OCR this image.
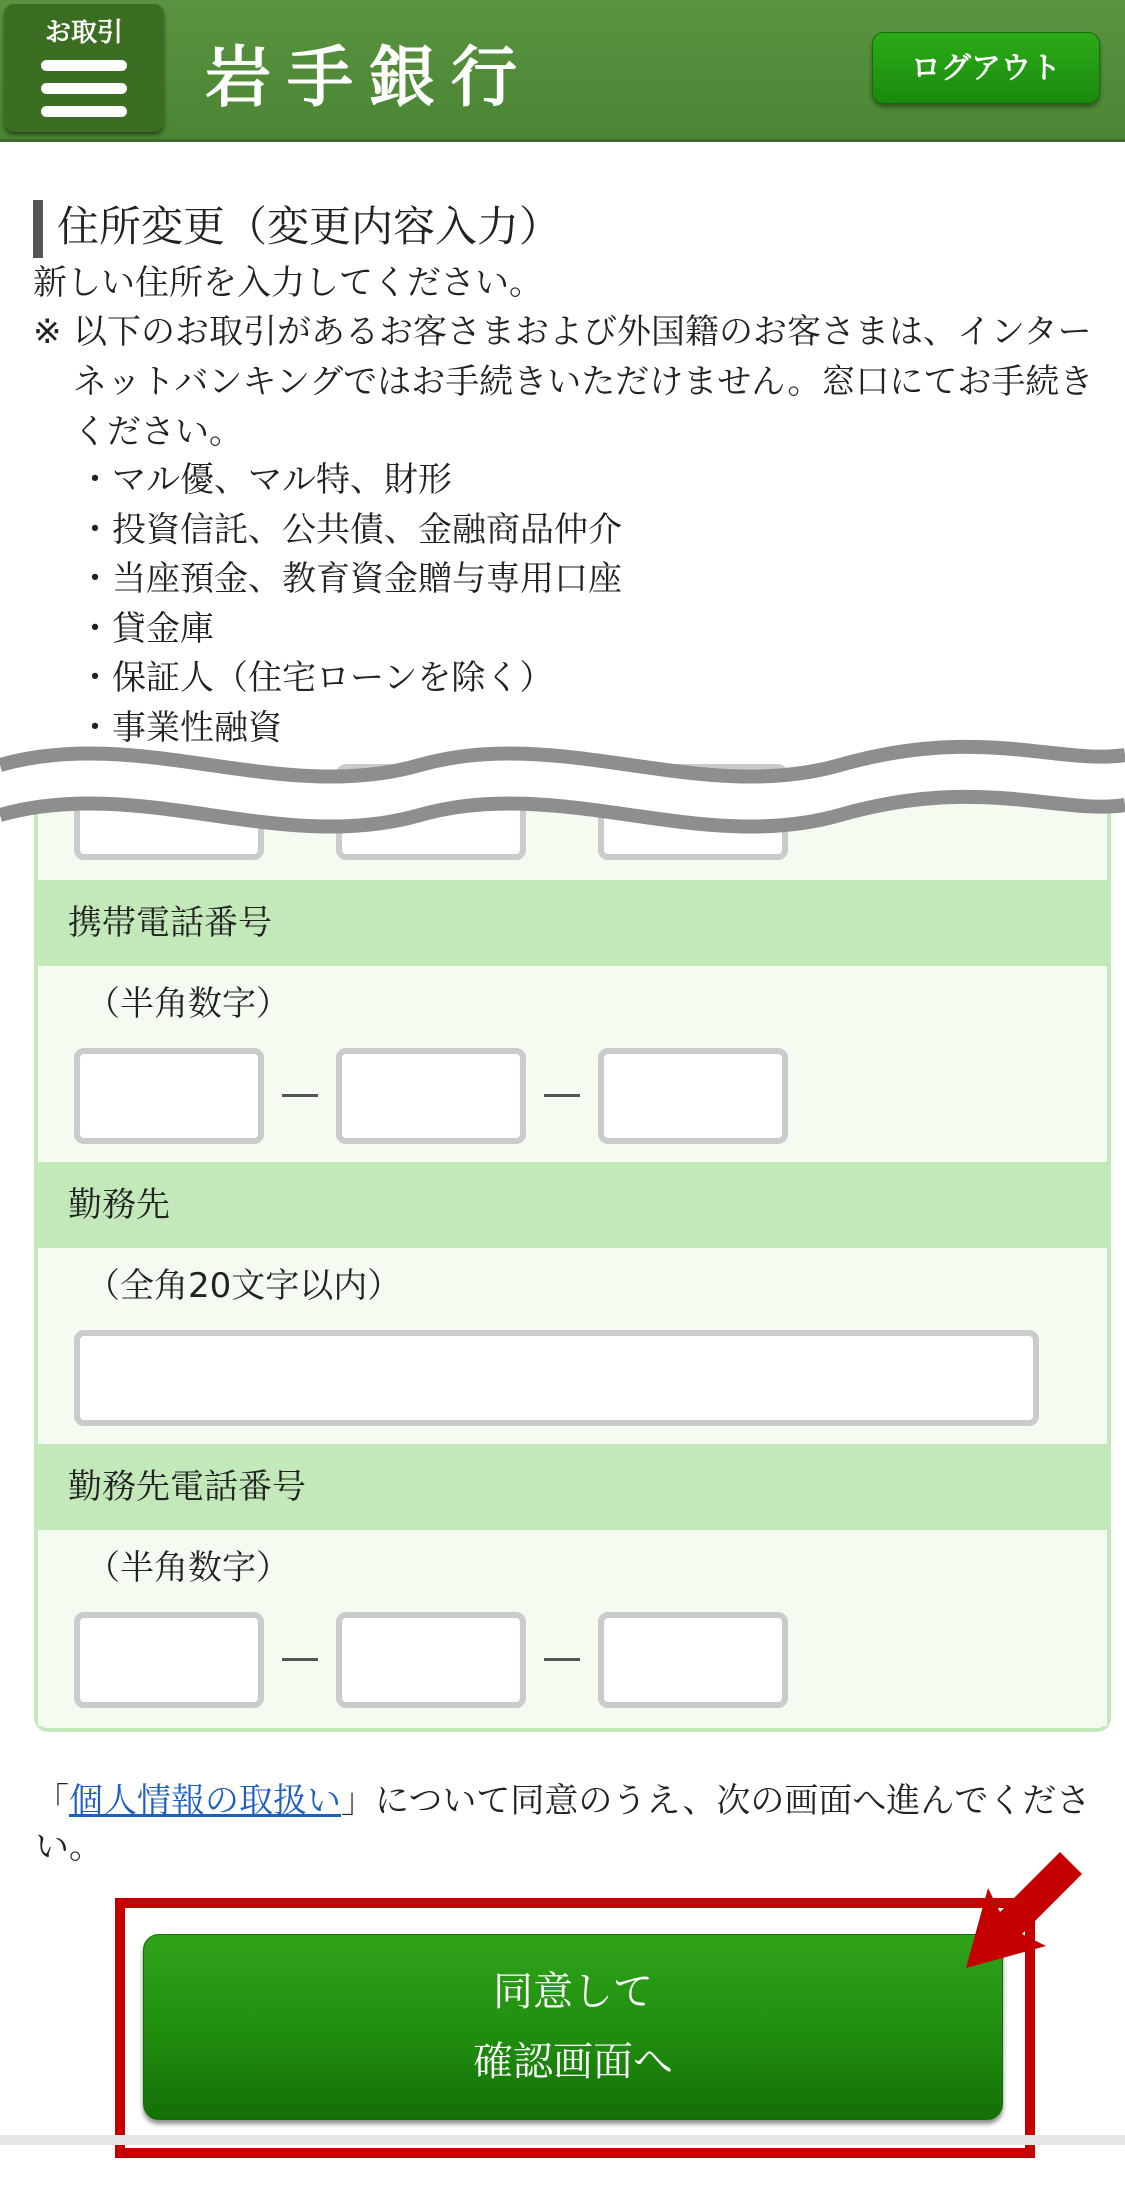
お取引
岩手銀行	ログアウト
住所変更（変更内容入力）
新しい住所を入力してください。
※ 以下のお取引があるお客さまおよび外国籍のお客さまは、インターネットバンキングではお手続きいただけません。窓口にてお手続きください。
・マル優、マル特、財形
・投資信託、公共債、金融商品仲介
・当座預金、教育資金贈与専用口座
・貸金庫
・保証人（住宅ローンを除く）
・事業性融資
携帯電話番号
（半角数字）
勤務先
（全角20文字以内）
勤務先電話番号
（半角数字）
「個人情報の取扱い」について同意のうえ、次の画面へ進んでください。
同意して
確認画面へ
